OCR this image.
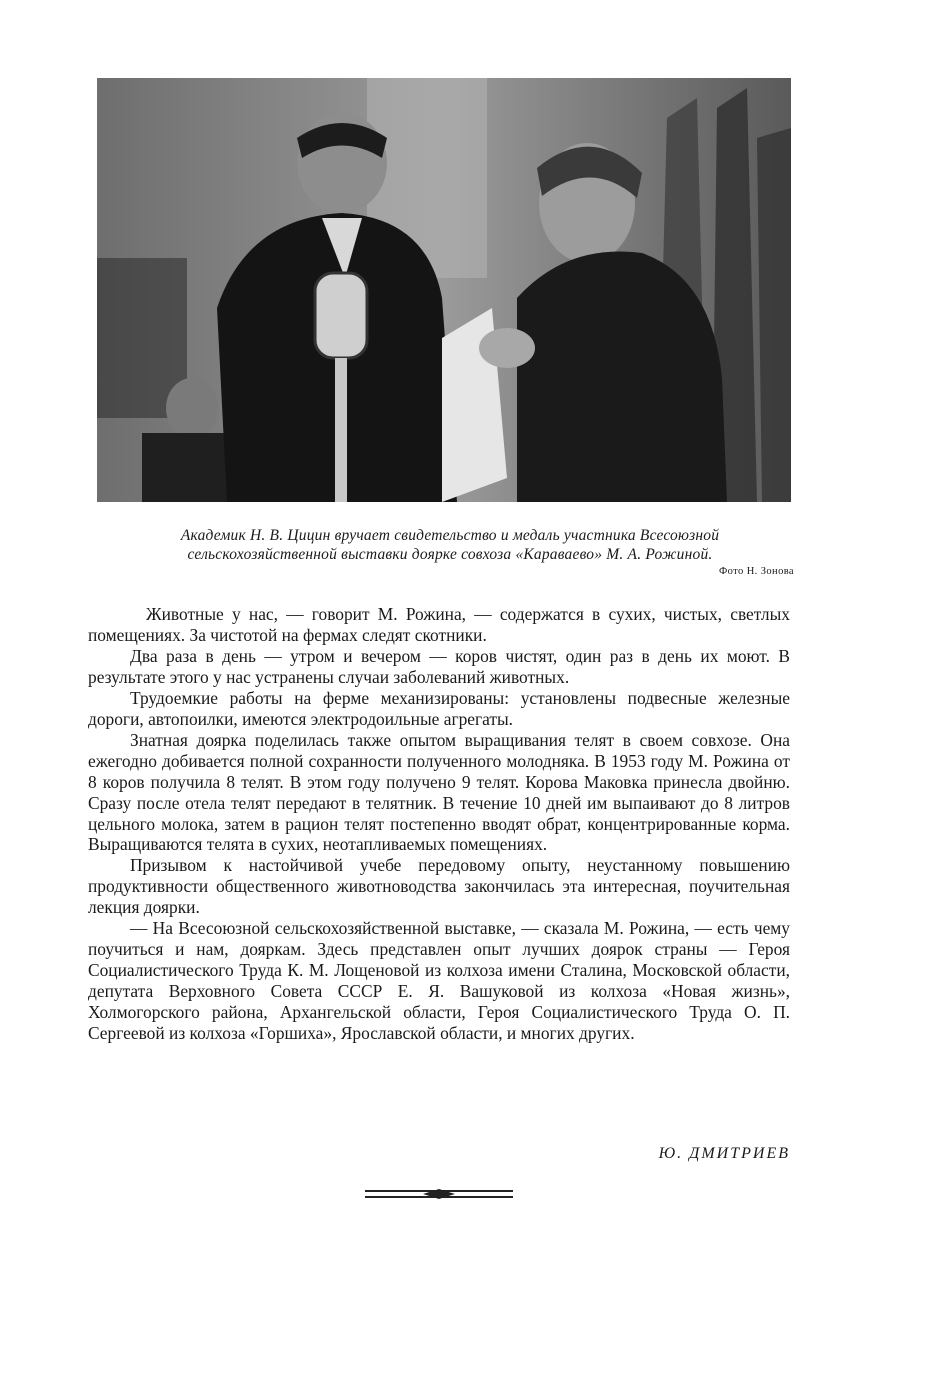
Академик Н. В. Цицин вручает свидетельство и медаль участника Всесоюзной
сельскохозяйственной выставки доярке совхоза «Караваево» М. А. Рожиной.
Фото Н. Зонова

Животные у нас, — говорит М. Рожина, — содержатся в сухих, чистых, светлых помещениях. За чистотой на фермах следят скотники.

Два раза в день — утром и вечером — коров чистят, один раз в день их моют. В результате этого у нас устранены случаи заболеваний животных.

Трудоемкие работы на ферме механизированы: установлены подвесные железные дороги, автопоилки, имеются электродоильные агрегаты.

Знатная доярка поделилась также опытом выращивания телят в своем совхозе. Она ежегодно добивается полной сохранности полученного молодняка. В 1953 году М. Рожина от 8 коров получила 8 телят. В этом году получено 9 телят. Корова Маковка принесла двойню. Сразу после отела телят передают в телятник. В течение 10 дней им выпаивают до 8 литров цельного молока, затем в рацион телят постепенно вводят обрат, концентрированные корма. Выращиваются телята в сухих, неотапливаемых помещениях.

Призывом к настойчивой учебе передовому опыту, неустанному повышению продуктивности общественного животноводства закончилась эта интересная, поучительная лекция доярки.

— На Всесоюзной сельскохозяйственной выставке, — сказала М. Рожина, — есть чему поучиться и нам, дояркам. Здесь представлен опыт лучших доярок страны — Героя Социалистического Труда К. М. Лощеновой из колхоза имени Сталина, Московской области, депутата Верховного Совета СССР Е. Я. Вашуковой из колхоза «Новая жизнь», Холмогорского района, Архангельской области, Героя Социалистического Труда О. П. Сергеевой из колхоза «Горшиха», Ярославской области, и многих других.

Ю. ДМИТРИЕВ
